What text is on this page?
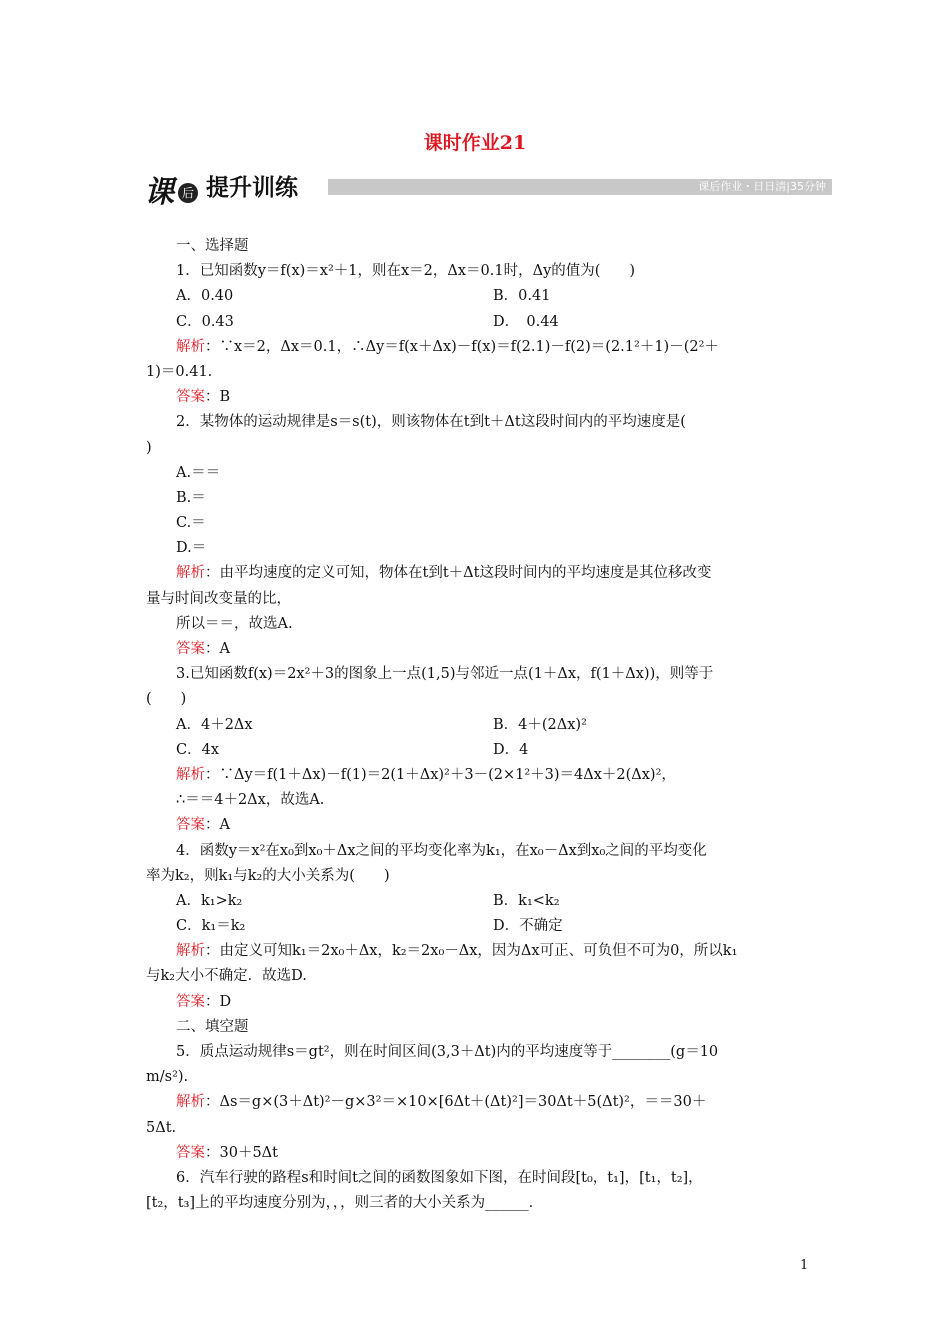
课时作业21
课 后 提升训练	课后作业・日日清|35分钟
一、选择题
1．已知函数y＝f(x)＝x²＋1，则在x＝2，Δx＝0.1时，Δy的值为(　　)
A．0.40	B．0.41
C．0.43	D．　0.44
解析：∵x＝2，Δx＝0.1，∴Δy＝f(x＋Δx)－f(x)＝f(2.1)－f(2)＝(2.1²＋1)－(2²＋
1)＝0.41.
答案：B
2．某物体的运动规律是s＝s(t)，则该物体在t到t＋Δt这段时间内的平均速度是(
)
A.＝＝
B.＝
C.＝
D.＝
解析：由平均速度的定义可知，物体在t到t＋Δt这段时间内的平均速度是其位移改变
量与时间改变量的比，
所以＝＝，故选A.
答案：A
3.已知函数f(x)＝2x²＋3的图象上一点(1,5)与邻近一点(1＋Δx，f(1＋Δx))，则等于
(　　)
A．4＋2Δx	B．4＋(2Δx)²
C．4x	D．4
解析：∵Δy＝f(1＋Δx)－f(1)＝2(1＋Δx)²＋3－(2×1²＋3)＝4Δx＋2(Δx)²，
∴＝＝4＋2Δx，故选A.
答案：A
4．函数y＝x²在x₀到x₀＋Δx之间的平均变化率为k₁，在x₀－Δx到x₀之间的平均变化
率为k₂，则k₁与k₂的大小关系为(　　)
A．k₁>k₂	B．k₁<k₂
C．k₁＝k₂	D．不确定
解析：由定义可知k₁＝2x₀＋Δx，k₂＝2x₀－Δx，因为Δx可正、可负但不可为0，所以k₁
与k₂大小不确定．故选D.
答案：D
二、填空题
5．质点运动规律s＝gt²，则在时间区间(3,3＋Δt)内的平均速度等于________(g＝10
m/s²).
解析：Δs＝g×(3＋Δt)²－g×3²＝×10×[6Δt＋(Δt)²]＝30Δt＋5(Δt)²，＝＝30＋
5Δt.
答案：30＋5Δt
6．汽车行驶的路程s和时间t之间的函数图象如下图，在时间段[t₀，t₁]，[t₁，t₂]，
[t₂，t₃]上的平均速度分别为，，，则三者的大小关系为______．
1
